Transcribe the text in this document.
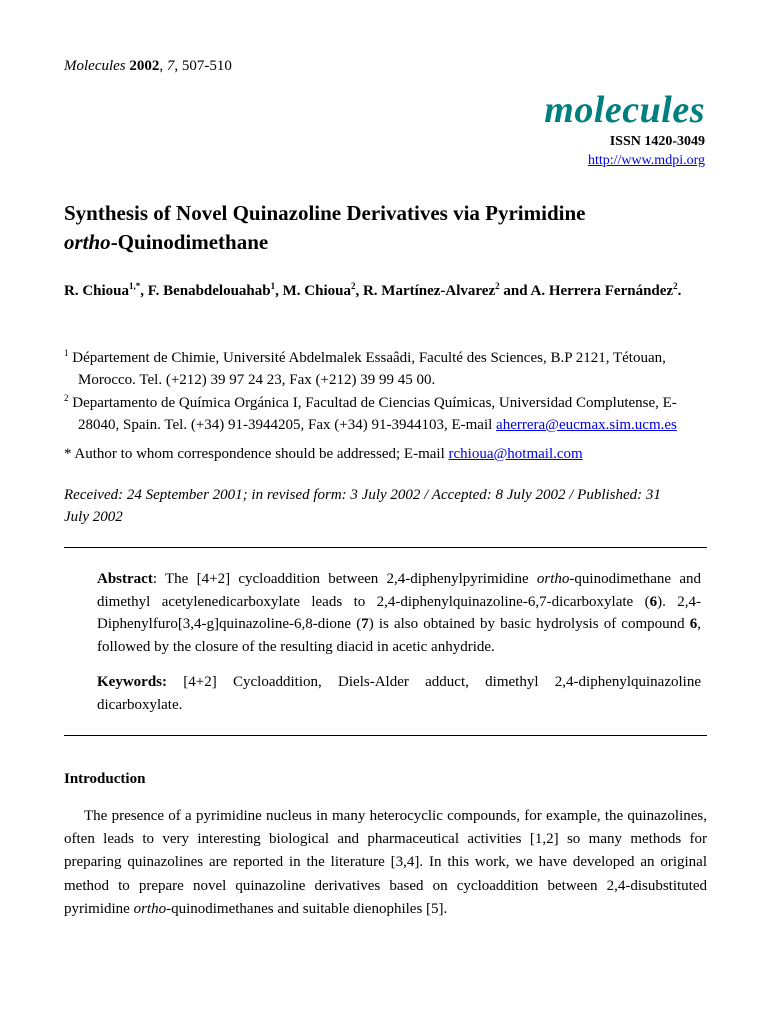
Molecules 2002, 7, 507-510
molecules
ISSN 1420-3049
http://www.mdpi.org
Synthesis of Novel Quinazoline Derivatives via Pyrimidine
ortho-Quinodimethane
R. Chioua$^{1,*}$, F. Benabdelouahab$^1$, M. Chioua$^2$, R. Martínez-Alvarez$^2$ and A. Herrera Fernández$^2$.
$^1$ Département de Chimie, Université Abdelmalek Essaâdi, Faculté des Sciences, B.P 2121, Tétouan,
Morocco. Tel. (+212) 39 97 24 23, Fax (+212) 39 99 45 00.
$^2$ Departamento de Química Orgánica I, Facultad de Ciencias Químicas, Universidad Complutense, E-
28040, Spain. Tel. (+34) 91-3944205, Fax (+34) 91-3944103, E-mail aherrera@eucmax.sim.ucm.es
* Author to whom correspondence should be addressed; E-mail rchioua@hotmail.com
Received: 24 September 2001; in revised form: 3 July 2002 / Accepted: 8 July 2002 / Published: 31
July 2002
Abstract: The [4+2] cycloaddition between 2,4-diphenylpyrimidine ortho-quinodimethane and dimethyl acetylenedicarboxylate leads to 2,4-diphenylquinazoline-6,7-dicarboxylate (6). 2,4-Diphenylfuro[3,4-g]quinazoline-6,8-dione (7) is also obtained by basic hydrolysis of compound 6, followed by the closure of the resulting diacid in acetic anhydride.
Keywords: [4+2] Cycloaddition, Diels-Alder adduct, dimethyl 2,4-diphenylquinazoline dicarboxylate.
Introduction
The presence of a pyrimidine nucleus in many heterocyclic compounds, for example, the quinazolines, often leads to very interesting biological and pharmaceutical activities [1,2] so many methods for preparing quinazolines are reported in the literature [3,4]. In this work, we have developed an original method to prepare novel quinazoline derivatives based on cycloaddition between 2,4-disubstituted pyrimidine ortho-quinodimethanes and suitable dienophiles [5].
